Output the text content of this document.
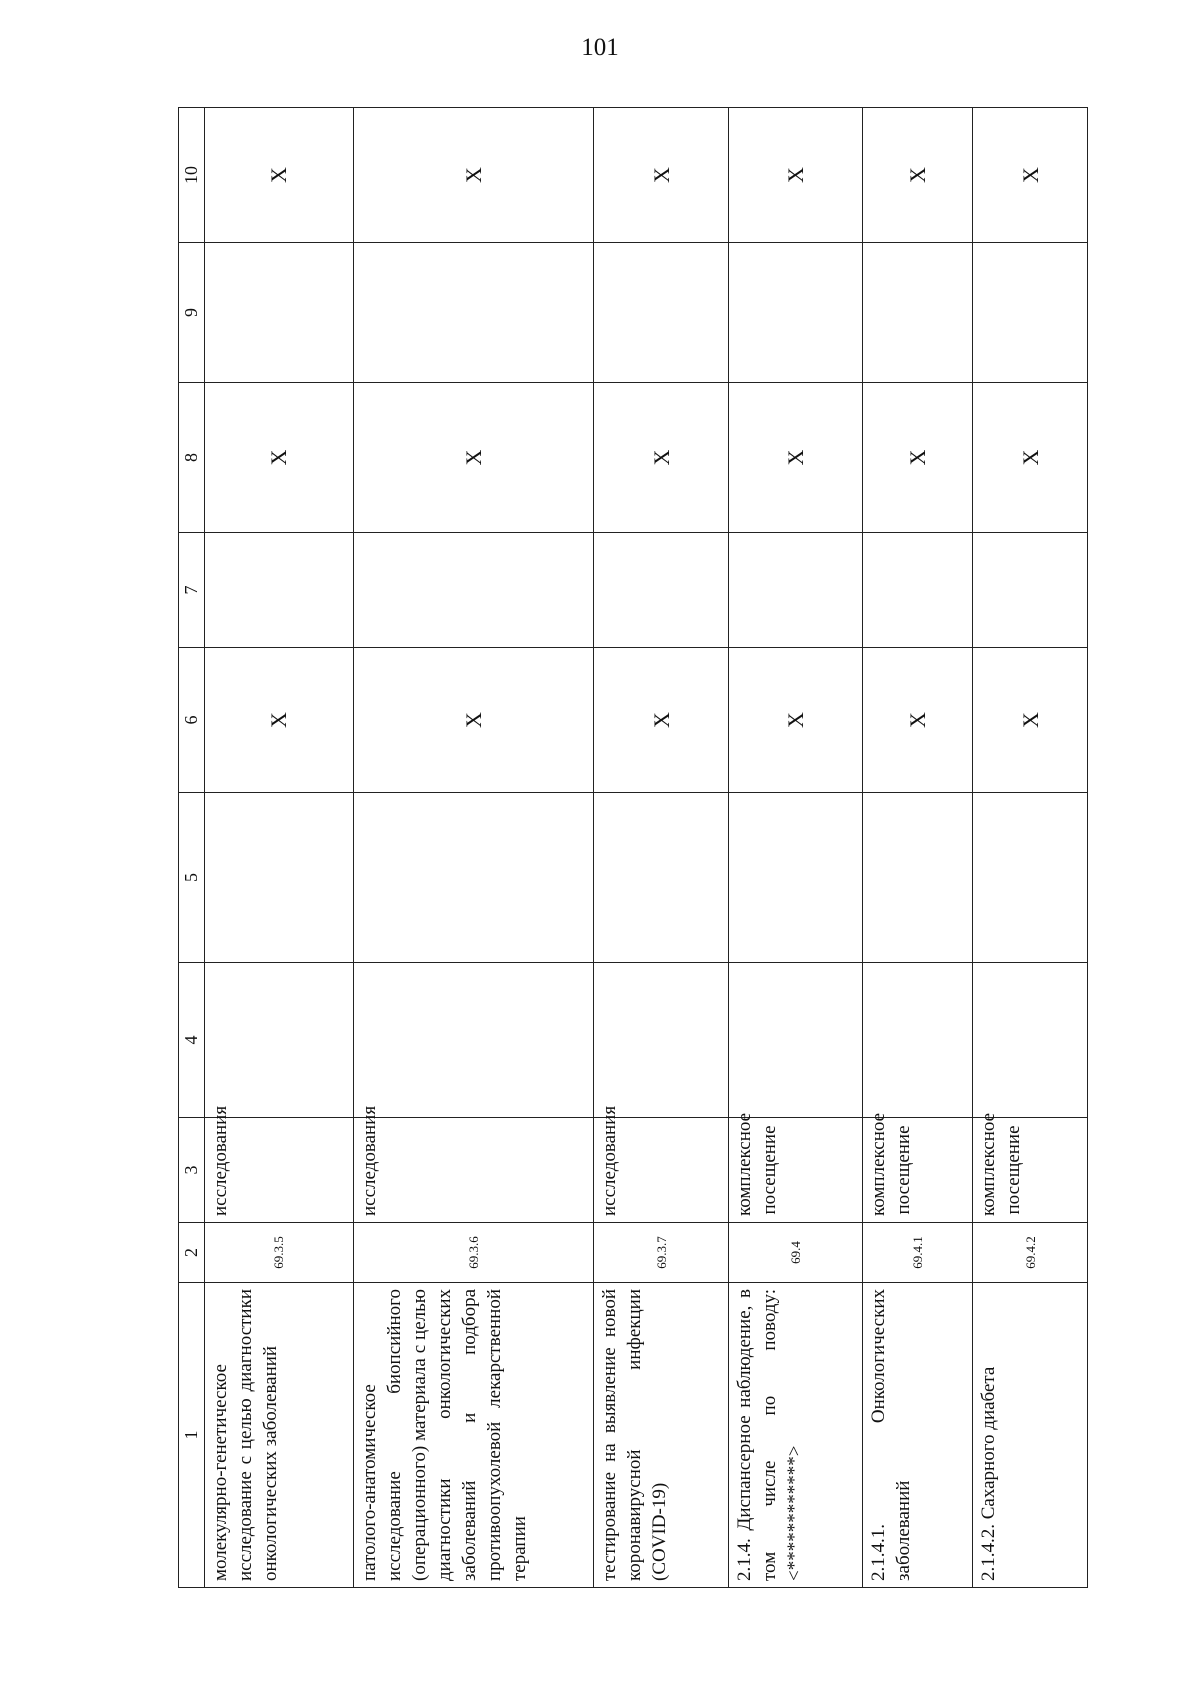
101
1	2	3	4	5	6	7	8	9	10
молекулярно-генетическое исследование с целью диагностики онкологических заболеваний	69.3.5	исследования			X		X		X
патолого-анатомическое исследование биопсийного (операционного) материала с целью диагностики онкологических заболеваний и подбора противоопухолевой лекарственной терапии	69.3.6	исследования			X		X		X
тестирование на выявление новой коронавирусной инфекции (COVID-19)	69.3.7	исследования			X		X		X
2.1.4. Диспансерное наблюдение, в том числе по поводу: <************>	69.4	комплексное посещение			X		X		X
2.1.4.1. Онкологических заболеваний	69.4.1	комплексное посещение			X		X		X
2.1.4.2. Сахарного диабета	69.4.2	комплексное посещение			X		X		X
